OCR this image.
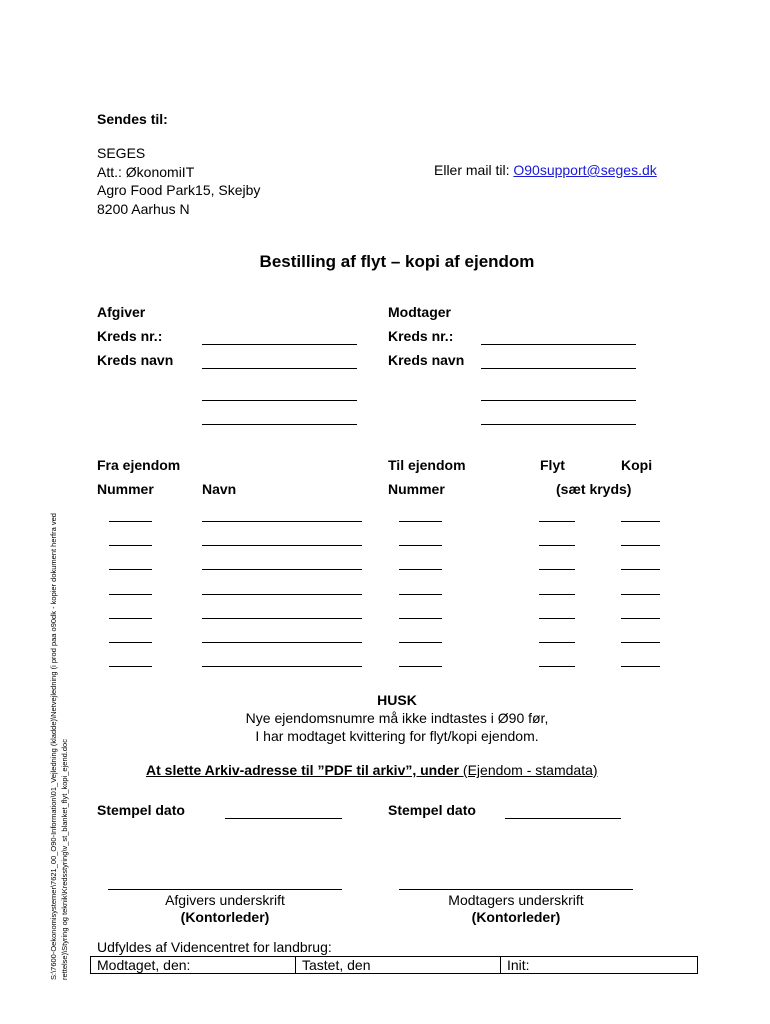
Sendes til:
SEGES
Att.: ØkonomiIT
Agro Food Park15, Skejby
8200 Aarhus N
Eller mail til: O90support@seges.dk
Bestilling af flyt – kopi af ejendom
Afgiver
Kreds nr.:
Kreds navn
Modtager
Kreds nr.:
Kreds navn
Fra ejendom	Til ejendom	Flyt	Kopi
Nummer	Navn	Nummer	(sæt kryds)
HUSK
Nye ejendomsnumre må ikke indtastes i Ø90 før,
I har modtaget kvittering for flyt/kopi ejendom.
At slette Arkiv-adresse til ”PDF til arkiv”, under (Ejendom - stamdata)
Stempel dato	Stempel dato
Afgivers underskrift
(Kontorleder)
Modtagers underskrift
(Kontorleder)
Udfyldes af Videncentret for landbrug:
Modtaget, den:	Tastet, den	Init:
S:\7600-Oekonomisystemer\7621_00_O90-Information\01_Vejledning (kladde)\Netvejledning (i prod paa o90dk - kopier dokument herfra ved rettelse)\Styring og teknik\Kredsstyring\v_st_blanket_flyt_kopi_ejend.doc
